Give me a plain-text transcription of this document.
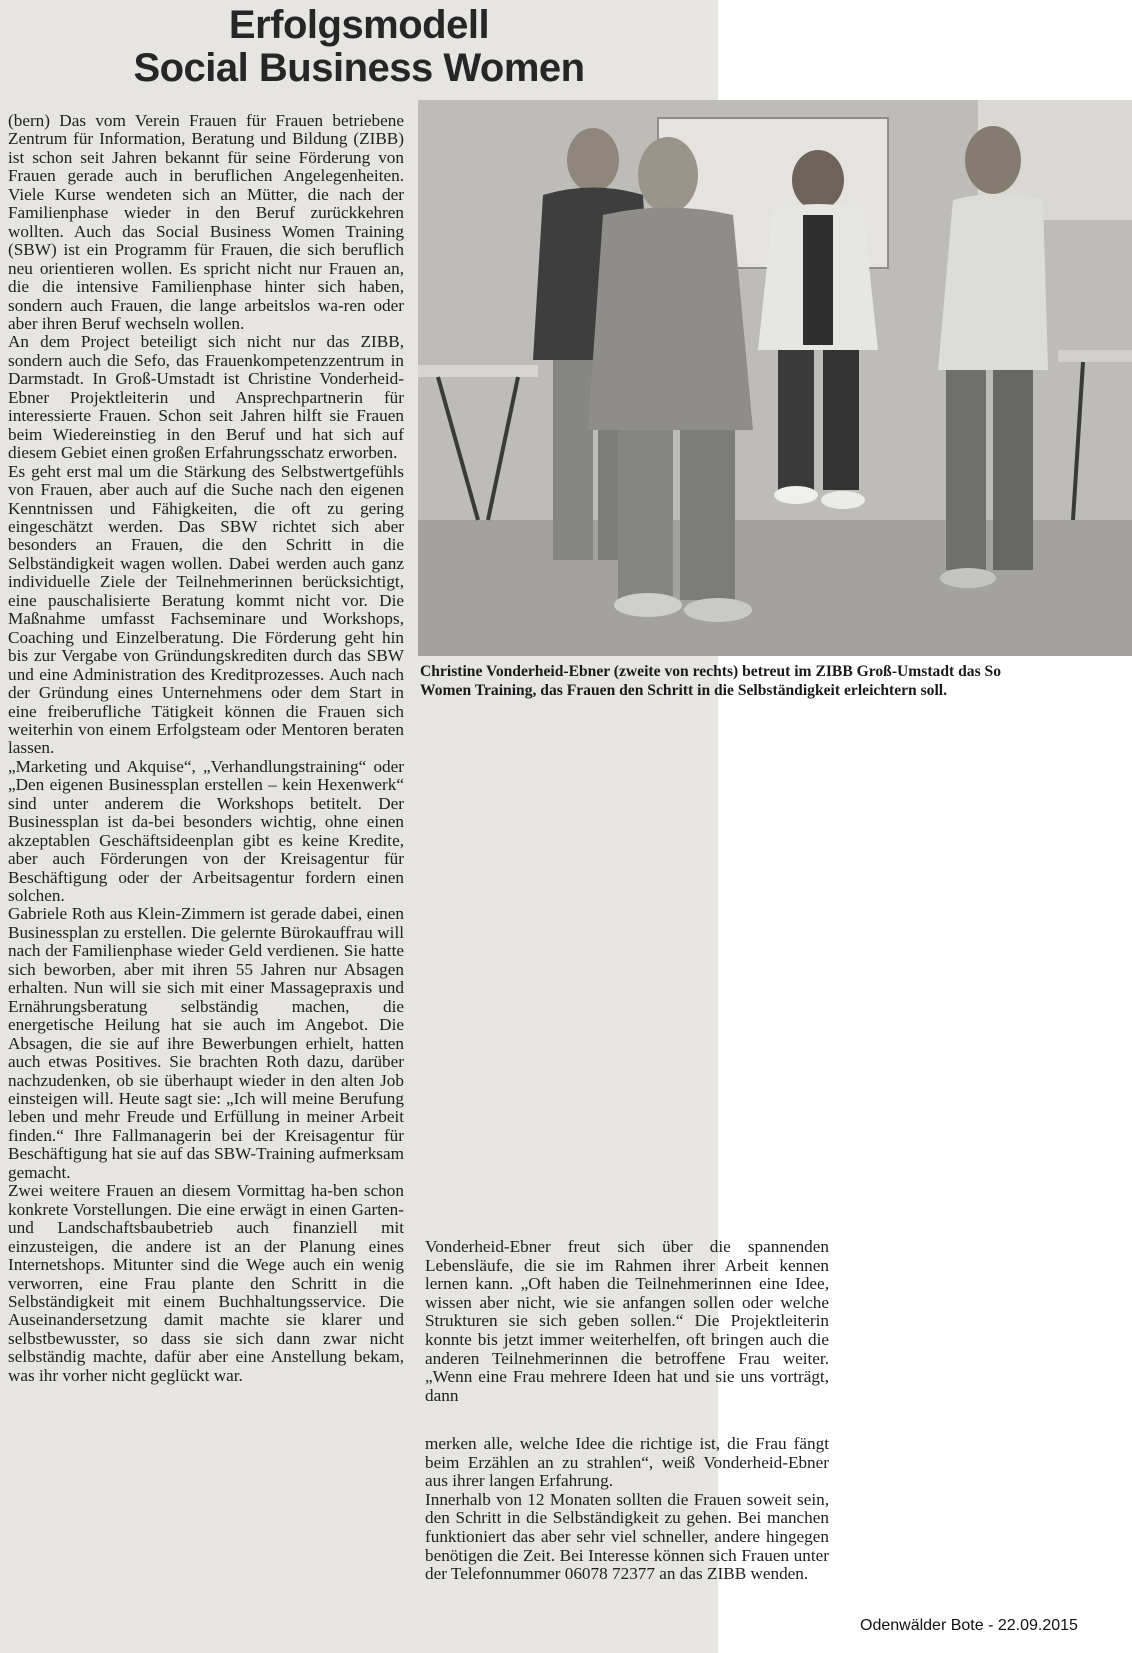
Erfolgsmodell
Social Business Women

(bern) Das vom Verein Frauen für Frauen betriebene Zentrum für Information, Beratung und Bildung (ZIBB) ist schon seit Jahren bekannt für seine Förderung von Frauen gerade auch in beruflichen Angelegenheiten. Viele Kurse wendeten sich an Mütter, die nach der Familienphase wieder in den Beruf zurückkehren wollten. Auch das Social Business Women Training (SBW) ist ein Programm für Frauen, die sich beruflich neu orientieren wollen. Es spricht nicht nur Frauen an, die die intensive Familienphase hinter sich haben, sondern auch Frauen, die lange arbeitslos wa-ren oder aber ihren Beruf wechseln wollen.

An dem Project beteiligt sich nicht nur das ZIBB, sondern auch die Sefo, das Frauenkompetenzzentrum in Darmstadt. In Groß-Umstadt ist Christine Vonderheid-Ebner Projektleiterin und Ansprechpartnerin für interessierte Frauen. Schon seit Jahren hilft sie Frauen beim Wiedereinstieg in den Beruf und hat sich auf diesem Gebiet einen großen Erfahrungsschatz erworben.

Es geht erst mal um die Stärkung des Selbstwertgefühls von Frauen, aber auch auf die Suche nach den eigenen Kenntnissen und Fähigkeiten, die oft zu gering eingeschätzt werden. Das SBW richtet sich aber besonders an Frauen, die den Schritt in die Selbständigkeit wagen wollen. Dabei werden auch ganz individuelle Ziele der Teilnehmerinnen berücksichtigt, eine pauschalisierte Beratung kommt nicht vor. Die Maßnahme umfasst Fachseminare und Workshops, Coaching und Einzelberatung. Die Förderung geht hin bis zur Vergabe von Gründungskrediten durch das SBW und eine Administration des Kreditprozesses. Auch nach der Gründung eines Unternehmens oder dem Start in eine freiberufliche Tätigkeit können die Frauen sich weiterhin von einem Erfolgsteam oder Mentoren beraten lassen.

„Marketing und Akquise“, „Verhandlungstraining“ oder „Den eigenen Businessplan erstellen – kein Hexenwerk“ sind unter anderem die Workshops betitelt. Der Businessplan ist da-bei besonders wichtig, ohne einen akzeptablen Geschäftsideenplan gibt es keine Kredite, aber auch Förderungen von der Kreisagentur für Beschäftigung oder der Arbeitsagentur fordern einen solchen.

Gabriele Roth aus Klein-Zimmern ist gerade dabei, einen Businessplan zu erstellen. Die gelernte Bürokauffrau will nach der Familienphase wieder Geld verdienen. Sie hatte sich beworben, aber mit ihren 55 Jahren nur Absagen erhalten. Nun will sie sich mit einer Massagepraxis und Ernährungsberatung selbständig machen, die energetische Heilung hat sie auch im Angebot. Die Absagen, die sie auf ihre Bewerbungen erhielt, hatten auch etwas Positives. Sie brachten Roth dazu, darüber nachzudenken, ob sie überhaupt wieder in den alten Job einsteigen will. Heute sagt sie: „Ich will meine Berufung leben und mehr Freude und Erfüllung in meiner Arbeit finden.“ Ihre Fallmanagerin bei der Kreisagentur für Beschäftigung hat sie auf das SBW-Training aufmerksam gemacht.

Zwei weitere Frauen an diesem Vormittag ha-ben schon konkrete Vorstellungen. Die eine erwägt in einen Garten- und Landschaftsbaubetrieb auch finanziell mit einzusteigen, die andere ist an der Planung eines Internetshops. Mitunter sind die Wege auch ein wenig verworren, eine Frau plante den Schritt in die Selbständigkeit mit einem Buchhaltungsservice. Die Auseinandersetzung damit machte sie klarer und selbstbewusster, so dass sie sich dann zwar nicht selbständig machte, dafür aber eine Anstellung bekam, was ihr vorher nicht geglückt war.

Christine Vonderheid-Ebner (zweite von rechts) betreut im ZIBB Groß-Umstadt das So
Women Training, das Frauen den Schritt in die Selbständigkeit erleichtern soll.

Vonderheid-Ebner freut sich über die spannenden Lebensläufe, die sie im Rahmen ihrer Arbeit kennen lernen kann. „Oft haben die Teilnehmerinnen eine Idee, wissen aber nicht, wie sie anfangen sollen oder welche Strukturen sie sich geben sollen.“ Die Projektleiterin konnte bis jetzt immer weiterhelfen, oft bringen auch die anderen Teilnehmerinnen die betroffene Frau weiter. „Wenn eine Frau mehrere Ideen hat und sie uns vorträgt, dann

merken alle, welche Idee die richtige ist, die Frau fängt beim Erzählen an zu strahlen“, weiß Vonderheid-Ebner aus ihrer langen Erfahrung.

Innerhalb von 12 Monaten sollten die Frauen soweit sein, den Schritt in die Selbständigkeit zu gehen. Bei manchen funktioniert das aber sehr viel schneller, andere hingegen benötigen die Zeit. Bei Interesse können sich Frauen unter der Telefonnummer 06078 72377 an das ZIBB wenden.

Odenwälder Bote - 22.09.2015
